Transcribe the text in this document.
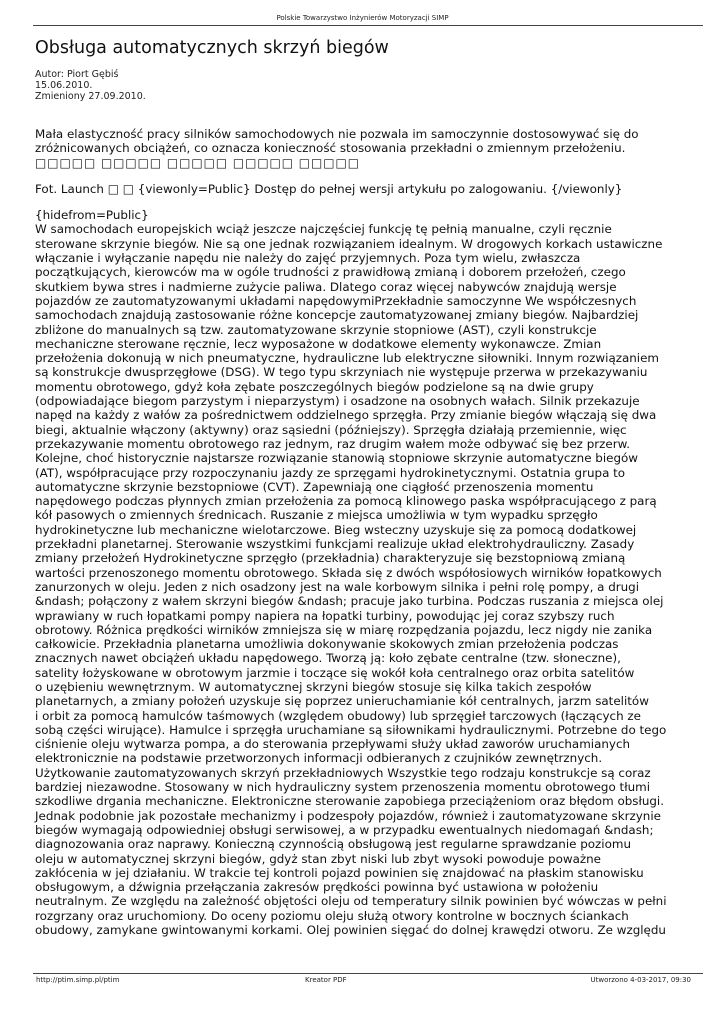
Polskie Towarzystwo Inżynierów Motoryzacji SIMP
Obsługa automatycznych skrzyń biegów
Autor: Piort Gębiś
15.06.2010.
Zmieniony 27.09.2010.

Mała elastyczność pracy silników samochodowych nie pozwala im samoczynnie dostosowywać się do zróżnicowanych obciążeń, co oznacza konieczność stosowania przekładni o zmiennym przełożeniu.

□□□□□ □□□□□ □□□□□ □□□□□ □□□□□

Fot. Launch □ □ {viewonly=Public} Dostęp do pełnej wersji artykułu po zalogowaniu. {/viewonly}

{hidefrom=Public}

W samochodach europejskich wciąż jeszcze najczęściej funkcję tę pełnią manualne, czyli ręcznie
sterowane skrzynie biegów. Nie są one jednak rozwiązaniem idealnym. W drogowych korkach ustawiczne
włączanie i wyłączanie napędu nie należy do zajęć przyjemnych. Poza tym wielu, zwłaszcza
początkujących, kierowców ma w ogóle trudności z prawidłową zmianą i doborem przełożeń, czego
skutkiem bywa stres i nadmierne zużycie paliwa. Dlatego coraz więcej nabywców znajdują wersje
pojazdów ze zautomatyzowanymi układami napędowymiPrzekładnie samoczynne We współczesnych
samochodach znajdują zastosowanie różne koncepcje zautomatyzowanej zmiany biegów. Najbardziej
zbliżone do manualnych są tzw. zautomatyzowane skrzynie stopniowe (AST), czyli konstrukcje
mechaniczne sterowane ręcznie, lecz wyposażone w dodatkowe elementy wykonawcze. Zmian
przełożenia dokonują w nich pneumatyczne, hydrauliczne lub elektryczne siłowniki. Innym rozwiązaniem
są konstrukcje dwusprzęgłowe (DSG). W tego typu skrzyniach nie występuje przerwa w przekazywaniu
momentu obrotowego, gdyż koła zębate poszczególnych biegów podzielone są na dwie grupy
(odpowiadające biegom parzystym i nieparzystym) i osadzone na osobnych wałach. Silnik przekazuje
napęd na każdy z wałów za pośrednictwem oddzielnego sprzęgła. Przy zmianie biegów włączają się dwa
biegi, aktualnie włączony (aktywny) oraz sąsiedni (późniejszy). Sprzęgła działają przemiennie, więc
przekazywanie momentu obrotowego raz jednym, raz drugim wałem może odbywać się bez przerw.
Kolejne, choć historycznie najstarsze rozwiązanie stanowią stopniowe skrzynie automatyczne biegów
(AT), współpracujące przy rozpoczynaniu jazdy ze sprzęgami hydrokinetycznymi. Ostatnia grupa to
automatyczne skrzynie bezstopniowe (CVT). Zapewniają one ciągłość przenoszenia momentu
napędowego podczas płynnych zmian przełożenia za pomocą klinowego paska współpracującego z parą
kół pasowych o zmiennych średnicach. Ruszanie z miejsca umożliwia w tym wypadku sprzęgło
hydrokinetyczne lub mechaniczne wielotarczowe. Bieg wsteczny uzyskuje się za pomocą dodatkowej
przekładni planetarnej. Sterowanie wszystkimi funkcjami realizuje układ elektrohydrauliczny. Zasady
zmiany przełożeń Hydrokinetyczne sprzęgło (przekładnia) charakteryzuje się bezstopniową zmianą
wartości przenoszonego momentu obrotowego. Składa się z dwóch współosiowych wirników łopatkowych
zanurzonych w oleju. Jeden z nich osadzony jest na wale korbowym silnika i pełni rolę pompy, a drugi
&ndash; połączony z wałem skrzyni biegów &ndash; pracuje jako turbina. Podczas ruszania z miejsca olej
wprawiany w ruch łopatkami pompy napiera na łopatki turbiny, powodując jej coraz szybszy ruch
obrotowy. Różnica prędkości wirników zmniejsza się w miarę rozpędzania pojazdu, lecz nigdy nie zanika
całkowicie. Przekładnia planetarna umożliwia dokonywanie skokowych zmian przełożenia podczas
znacznych nawet obciążeń układu napędowego. Tworzą ją: koło zębate centralne (tzw. słoneczne),
satelity łożyskowane w obrotowym jarzmie i toczące się wokół koła centralnego oraz orbita satelitów
o uzębieniu wewnętrznym. W automatycznej skrzyni biegów stosuje się kilka takich zespołów
planetarnych, a zmiany położeń uzyskuje się poprzez unieruchamianie kół centralnych, jarzm satelitów
i orbit za pomocą hamulców taśmowych (względem obudowy) lub sprzęgieł tarczowych (łączących ze
sobą części wirujące). Hamulce i sprzęgła uruchamiane są siłownikami hydraulicznymi. Potrzebne do tego
ciśnienie oleju wytwarza pompa, a do sterowania przepływami służy układ zaworów uruchamianych
elektronicznie na podstawie przetworzonych informacji odbieranych z czujników zewnętrznych.
Użytkowanie zautomatyzowanych skrzyń przekładniowych Wszystkie tego rodzaju konstrukcje są coraz
bardziej niezawodne. Stosowany w nich hydrauliczny system przenoszenia momentu obrotowego tłumi
szkodliwe drgania mechaniczne. Elektroniczne sterowanie zapobiega przeciążeniom oraz błędom obsługi.
Jednak podobnie jak pozostałe mechanizmy i podzespoły pojazdów, również i zautomatyzowane skrzynie
biegów wymagają odpowiedniej obsługi serwisowej, a w przypadku ewentualnych niedomagań &ndash;
diagnozowania oraz naprawy. Konieczną czynnością obsługową jest regularne sprawdzanie poziomu
oleju w automatycznej skrzyni biegów, gdyż stan zbyt niski lub zbyt wysoki powoduje poważne
zakłócenia w jej działaniu. W trakcie tej kontroli pojazd powinien się znajdować na płaskim stanowisku
obsługowym, a dźwignia przełączania zakresów prędkości powinna być ustawiona w położeniu
neutralnym. Ze względu na zależność objętości oleju od temperatury silnik powinien być wówczas w pełni
rozgrzany oraz uruchomiony. Do oceny poziomu oleju służą otwory kontrolne w bocznych ściankach
obudowy, zamykane gwintowanymi korkami. Olej powinien sięgać do dolnej krawędzi otworu. Ze względu

http://ptim.simp.pl/ptim	Kreator PDF	Utworzono 4-03-2017, 09:30
